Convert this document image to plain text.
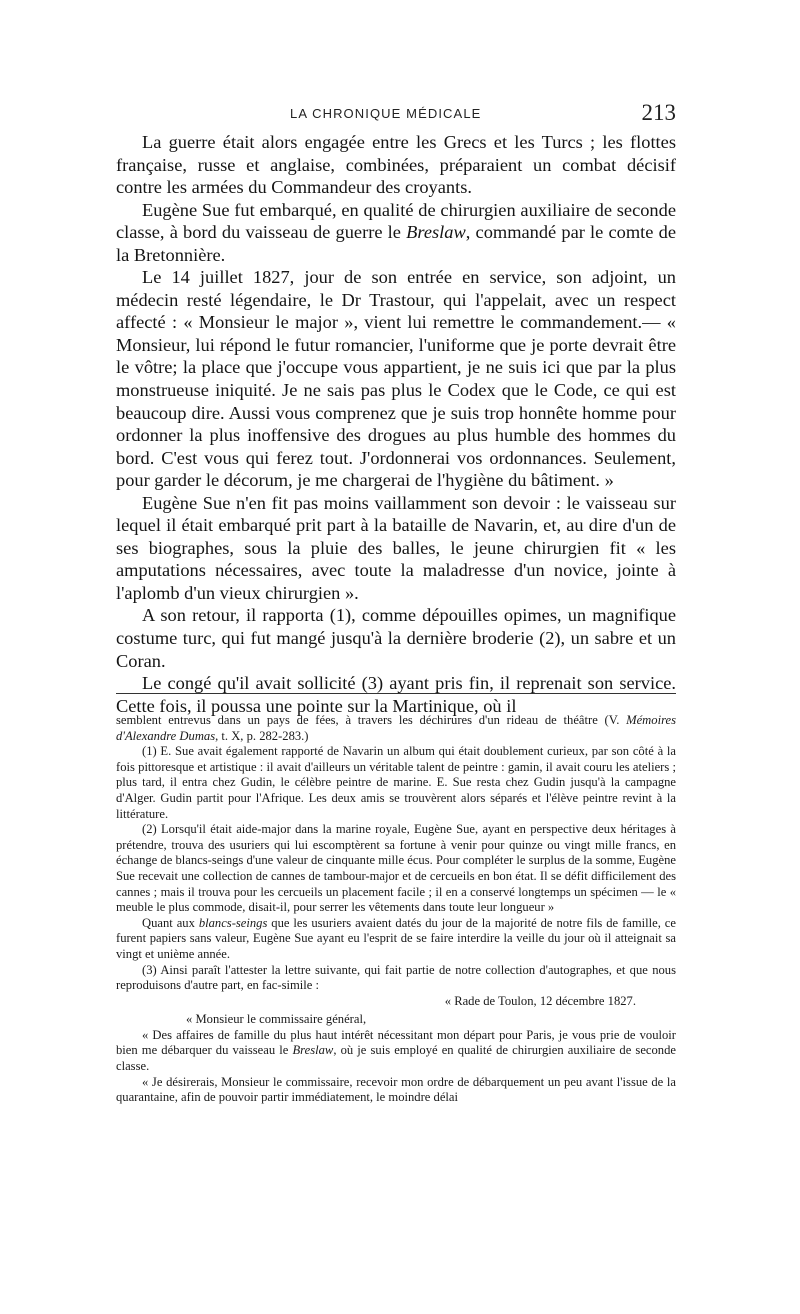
LA CHRONIQUE MÉDICALE	213

La guerre était alors engagée entre les Grecs et les Turcs ; les flottes française, russe et anglaise, combinées, préparaient un combat décisif contre les armées du Commandeur des croyants.

Eugène Sue fut embarqué, en qualité de chirurgien auxiliaire de seconde classe, à bord du vaisseau de guerre le Breslaw, commandé par le comte de la Bretonnière.

Le 14 juillet 1827, jour de son entrée en service, son adjoint, un médecin resté légendaire, le Dr Trastour, qui l'appelait, avec un respect affecté : « Monsieur le major », vient lui remettre le commandement.— « Monsieur, lui répond le futur romancier, l'uniforme que je porte devrait être le vôtre; la place que j'occupe vous appartient, je ne suis ici que par la plus monstrueuse iniquité. Je ne sais pas plus le Codex que le Code, ce qui est beaucoup dire. Aussi vous comprenez que je suis trop honnête homme pour ordonner la plus inoffensive des drogues au plus humble des hommes du bord. C'est vous qui ferez tout. J'ordonnerai vos ordonnances. Seulement, pour garder le décorum, je me chargerai de l'hygiène du bâtiment. »

Eugène Sue n'en fit pas moins vaillamment son devoir : le vaisseau sur lequel il était embarqué prit part à la bataille de Navarin, et, au dire d'un de ses biographes, sous la pluie des balles, le jeune chirurgien fit « les amputations nécessaires, avec toute la maladresse d'un novice, jointe à l'aplomb d'un vieux chirurgien ».

A son retour, il rapporta (1), comme dépouilles opimes, un magnifique costume turc, qui fut mangé jusqu'à la dernière broderie (2), un sabre et un Coran.

Le congé qu'il avait sollicité (3) ayant pris fin, il reprenait son service. Cette fois, il poussa une pointe sur la Martinique, où il

semblent entrevus dans un pays de fées, à travers les déchirures d'un rideau de théâtre (V. Mémoires d'Alexandre Dumas, t. X, p. 282-283.)

(1) E. Sue avait également rapporté de Navarin un album qui était doublement curieux, par son côté à la fois pittoresque et artistique : il avait d'ailleurs un véritable talent de peintre : gamin, il avait couru les ateliers ; plus tard, il entra chez Gudin, le célèbre peintre de marine. E. Sue resta chez Gudin jusqu'à la campagne d'Alger. Gudin partit pour l'Afrique. Les deux amis se trouvèrent alors séparés et l'élève peintre revint à la littérature.

(2) Lorsqu'il était aide-major dans la marine royale, Eugène Sue, ayant en perspective deux héritages à prétendre, trouva des usuriers qui lui escomptèrent sa fortune à venir pour quinze ou vingt mille francs, en échange de blancs-seings d'une valeur de cinquante mille écus. Pour compléter le surplus de la somme, Eugène Sue recevait une collection de cannes de tambour-major et de cercueils en bon état. Il se défit difficilement des cannes ; mais il trouva pour les cercueils un placement facile ; il en a conservé longtemps un spécimen — le « meuble le plus commode, disait-il, pour serrer les vêtements dans toute leur longueur »

Quant aux blancs-seings que les usuriers avaient datés du jour de la majorité de notre fils de famille, ce furent papiers sans valeur, Eugène Sue ayant eu l'esprit de se faire interdire la veille du jour où il atteignait sa vingt et unième année.

(3) Ainsi paraît l'attester la lettre suivante, qui fait partie de notre collection d'autographes, et que nous reproduisons d'autre part, en fac-simile :

« Rade de Toulon, 12 décembre 1827.

« Monsieur le commissaire général,

« Des affaires de famille du plus haut intérêt nécessitant mon départ pour Paris, je vous prie de vouloir bien me débarquer du vaisseau le Breslaw, où je suis employé en qualité de chirurgien auxiliaire de seconde classe.

« Je désirerais, Monsieur le commissaire, recevoir mon ordre de débarquement un peu avant l'issue de la quarantaine, afin de pouvoir partir immédiatement, le moindre délai
